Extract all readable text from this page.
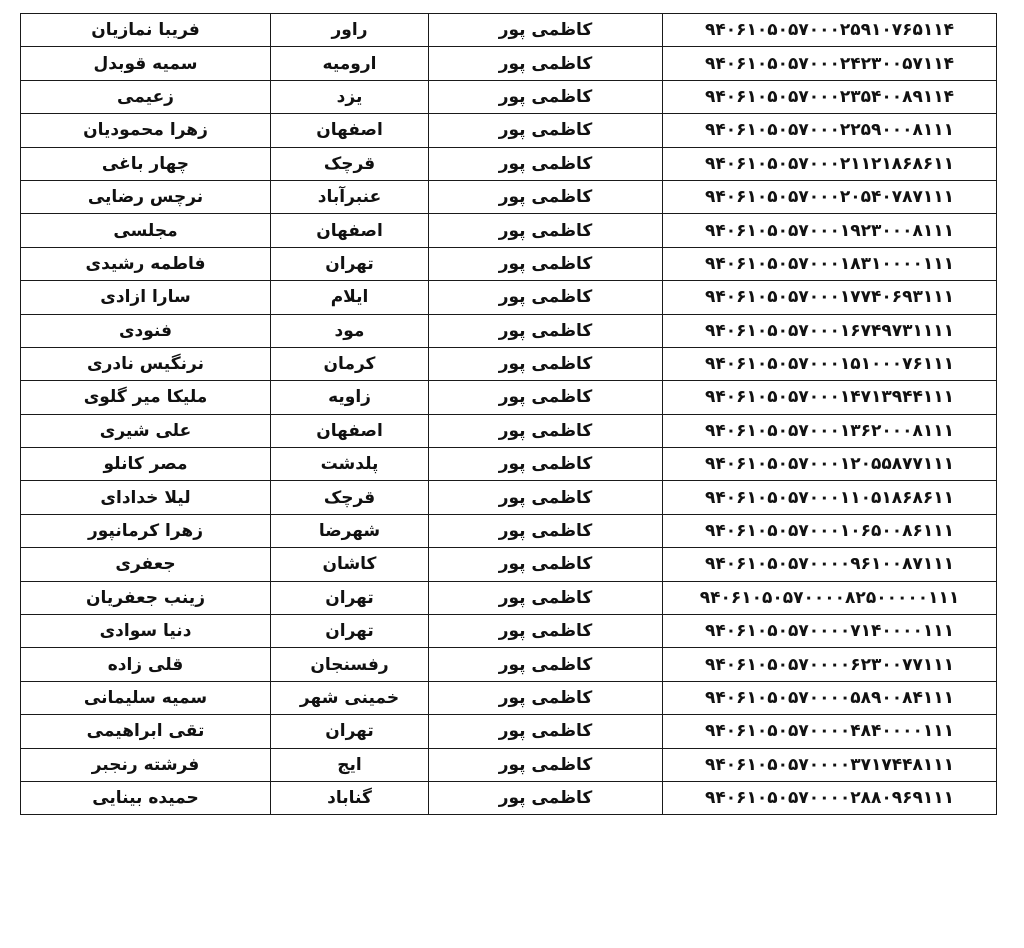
فریبا نمازیان	راور	کاظمی پور	۹۴۰۶۱۰۵۰۵۷۰۰۰۲۵۹۱۰۷۶۵۱۱۴
سمیه قوبدل	ارومیه	کاظمی پور	۹۴۰۶۱۰۵۰۵۷۰۰۰۲۴۲۳۰۰۵۷۱۱۴
زعیمی	یزد	کاظمی پور	۹۴۰۶۱۰۵۰۵۷۰۰۰۲۳۵۴۰۰۸۹۱۱۴
زهرا محمودیان	اصفهان	کاظمی پور	۹۴۰۶۱۰۵۰۵۷۰۰۰۲۲۵۹۰۰۰۸۱۱۱
چهار باغی	قرچک	کاظمی پور	۹۴۰۶۱۰۵۰۵۷۰۰۰۲۱۱۲۱۸۶۸۶۱۱
نرچس رضایی	عنبرآباد	کاظمی پور	۹۴۰۶۱۰۵۰۵۷۰۰۰۲۰۵۴۰۷۸۷۱۱۱
مجلسی	اصفهان	کاظمی پور	۹۴۰۶۱۰۵۰۵۷۰۰۰۱۹۲۳۰۰۰۸۱۱۱
فاطمه رشیدی	تهران	کاظمی پور	۹۴۰۶۱۰۵۰۵۷۰۰۰۱۸۳۱۰۰۰۰۱۱۱
سارا ازادی	ایلام	کاظمی پور	۹۴۰۶۱۰۵۰۵۷۰۰۰۱۷۷۴۰۶۹۳۱۱۱
فنودی	مود	کاظمی پور	۹۴۰۶۱۰۵۰۵۷۰۰۰۱۶۷۴۹۷۳۱۱۱۱
نرنگیس نادری	کرمان	کاظمی پور	۹۴۰۶۱۰۵۰۵۷۰۰۰۱۵۱۰۰۰۷۶۱۱۱
ملیکا میر گلوی	زاویه	کاظمی پور	۹۴۰۶۱۰۵۰۵۷۰۰۰۱۴۷۱۳۹۴۴۱۱۱
علی شیری	اصفهان	کاظمی پور	۹۴۰۶۱۰۵۰۵۷۰۰۰۱۳۶۲۰۰۰۸۱۱۱
مصر کانلو	پلدشت	کاظمی پور	۹۴۰۶۱۰۵۰۵۷۰۰۰۱۲۰۵۵۸۷۷۱۱۱
لیلا خدادای	قرچک	کاظمی پور	۹۴۰۶۱۰۵۰۵۷۰۰۰۱۱۰۵۱۸۶۸۶۱۱
زهرا کرمانپور	شهرضا	کاظمی پور	۹۴۰۶۱۰۵۰۵۷۰۰۰۱۰۶۵۰۰۸۶۱۱۱
جعفری	کاشان	کاظمی پور	۹۴۰۶۱۰۵۰۵۷۰۰۰۰۹۶۱۰۰۸۷۱۱۱
زینب جعفریان	تهران	کاظمی پور	۹۴۰۶۱۰۵۰۵۷۰۰۰۰۸۲۵۰۰۰۰۰۱۱۱
دنیا سوادی	تهران	کاظمی پور	۹۴۰۶۱۰۵۰۵۷۰۰۰۰۷۱۴۰۰۰۰۱۱۱
قلی زاده	رفسنجان	کاظمی پور	۹۴۰۶۱۰۵۰۵۷۰۰۰۰۶۲۳۰۰۷۷۱۱۱
سمیه سلیمانی	خمینی شهر	کاظمی پور	۹۴۰۶۱۰۵۰۵۷۰۰۰۰۵۸۹۰۰۸۴۱۱۱
تقی ابراهیمی	تهران	کاظمی پور	۹۴۰۶۱۰۵۰۵۷۰۰۰۰۴۸۴۰۰۰۰۱۱۱
فرشته رنجبر	ایج	کاظمی پور	۹۴۰۶۱۰۵۰۵۷۰۰۰۰۳۷۱۷۴۴۸۱۱۱
حمیده بینایی	گناباد	کاظمی پور	۹۴۰۶۱۰۵۰۵۷۰۰۰۰۲۸۸۰۹۶۹۱۱۱
